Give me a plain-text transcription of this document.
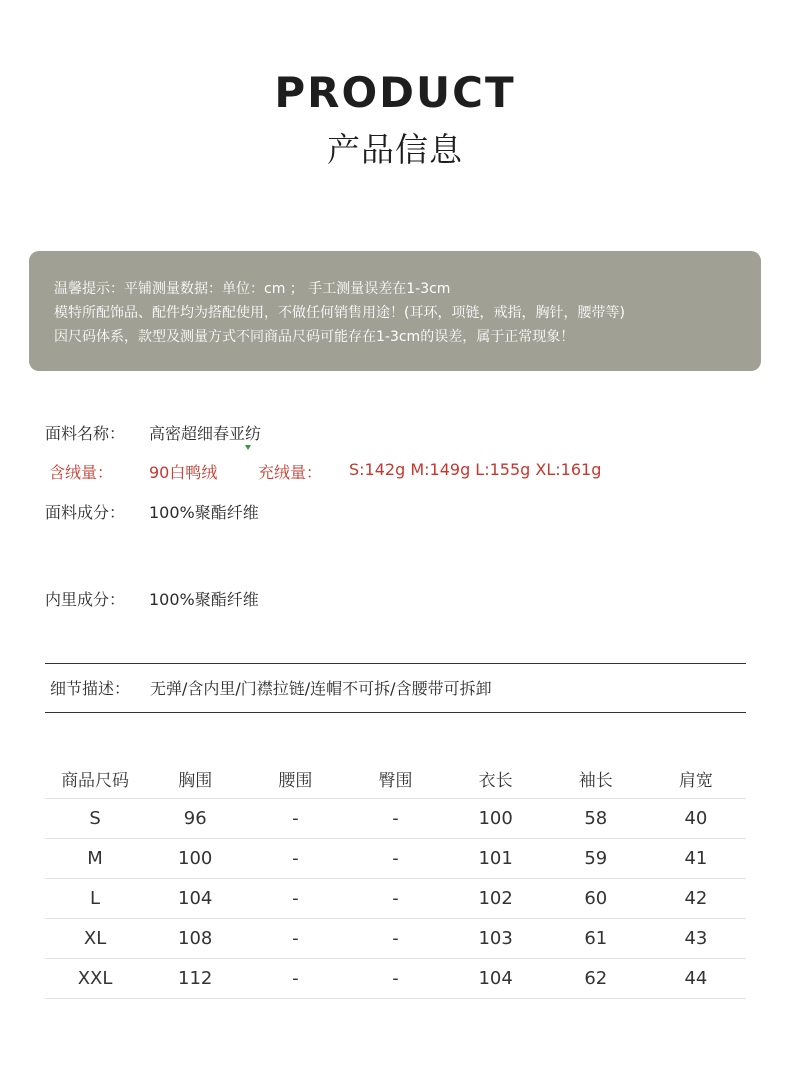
PRODUCT
产品信息
温馨提示：平铺测量数据：单位：cm ； 手工测量误差在1-3cm
模特所配饰品、配件均为搭配使用，不做任何销售用途！(耳环，项链，戒指，胸针，腰带等)
因尺码体系，款型及测量方式不同商品尺码可能存在1-3cm的误差，属于正常现象！
面料名称： 高密超细春亚纺
含绒量： 90白鸭绒	充绒量： S:142g M:149g L:155g XL:161g
面料成分： 100%聚酯纤维
内里成分： 100%聚酯纤维
细节描述： 无弹/含内里/门襟拉链/连帽不可拆/含腰带可拆卸
商品尺码	胸围	腰围	臀围	衣长	袖长	肩宽
S	96	-	-	100	58	40
M	100	-	-	101	59	41
L	104	-	-	102	60	42
XL	108	-	-	103	61	43
XXL	112	-	-	104	62	44
